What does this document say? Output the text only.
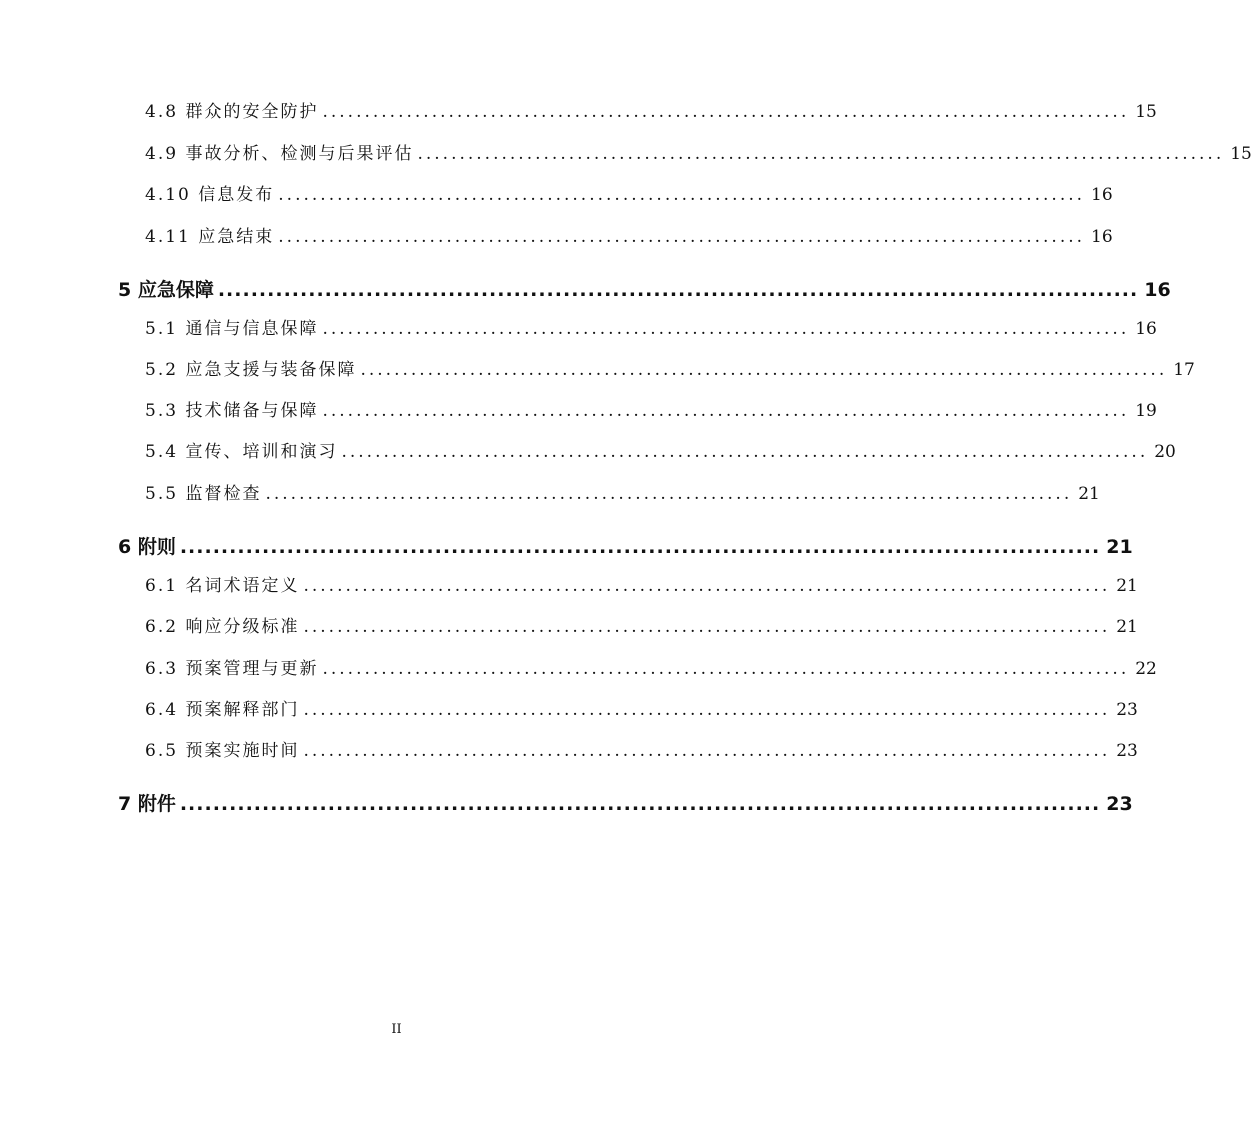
4.8 群众的安全防护 ................................................................................................ 15
4.9 事故分析、检测与后果评估 ................................................................................................ 15
4.10 信息发布 ................................................................................................ 16
4.11 应急结束 ................................................................................................ 16
5 应急保障 ................................................................................................................ 16
5.1 通信与信息保障 ................................................................................................ 16
5.2 应急支援与装备保障 ................................................................................................ 17
5.3 技术储备与保障 ................................................................................................ 19
5.4 宣传、培训和演习 ................................................................................................ 20
5.5 监督检查 ................................................................................................ 21
6 附则 ................................................................................................................ 21
6.1 名词术语定义 ................................................................................................ 21
6.2 响应分级标准 ................................................................................................ 21
6.3 预案管理与更新 ................................................................................................ 22
6.4 预案解释部门 ................................................................................................ 23
6.5 预案实施时间 ................................................................................................ 23
7 附件 ................................................................................................................ 23
II
